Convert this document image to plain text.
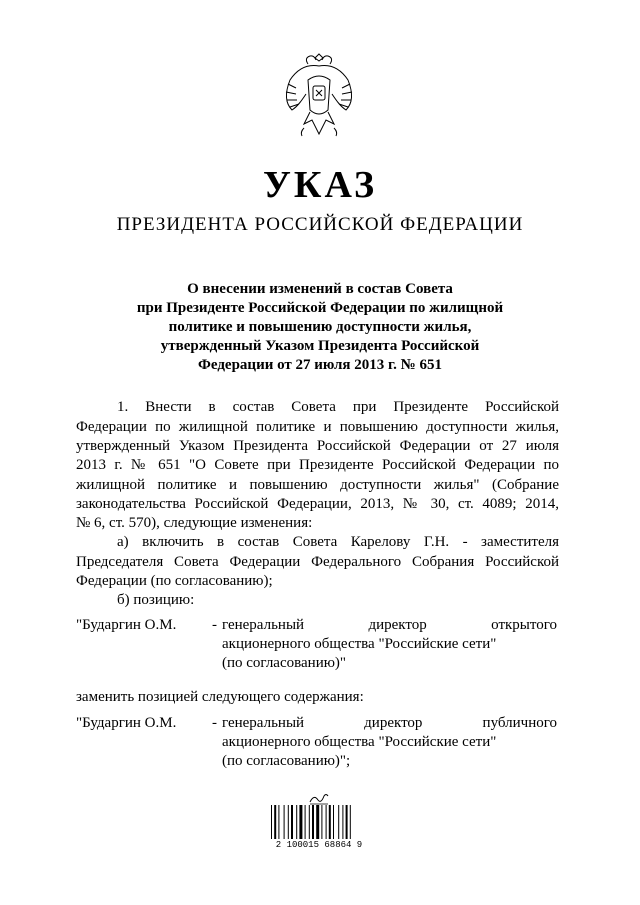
УКАЗ
ПРЕЗИДЕНТА РОССИЙСКОЙ ФЕДЕРАЦИИ
О внесении изменений в состав Совета
при Президенте Российской Федерации по жилищной
политике и повышению доступности жилья,
утвержденный Указом Президента Российской
Федерации от 27 июля 2013 г. № 651
1. Внести в состав Совета при Президенте Российской
Федерации по жилищной политике и повышению доступности жилья,
утвержденный Указом Президента Российской Федерации от 27 июля
2013 г. № 651 "О Совете при Президенте Российской Федерации по
жилищной политике и повышению доступности жилья" (Собрание
законодательства Российской Федерации, 2013, № 30, ст. 4089; 2014,
№ 6, ст. 570), следующие изменения:
а) включить в состав Совета Карелову Г.Н. - заместителя
Председателя Совета Федерации Федерального Собрания Российской
Федерации (по согласованию);
б) позицию:
"Бударгин О.М. - генеральный директор открытого
акционерного общества "Российские сети"
(по согласованию)"
заменить позицией следующего содержания:
"Бударгин О.М. - генеральный директор публичного
акционерного общества "Российские сети"
(по согласованию)";
2 100015 68864 9
